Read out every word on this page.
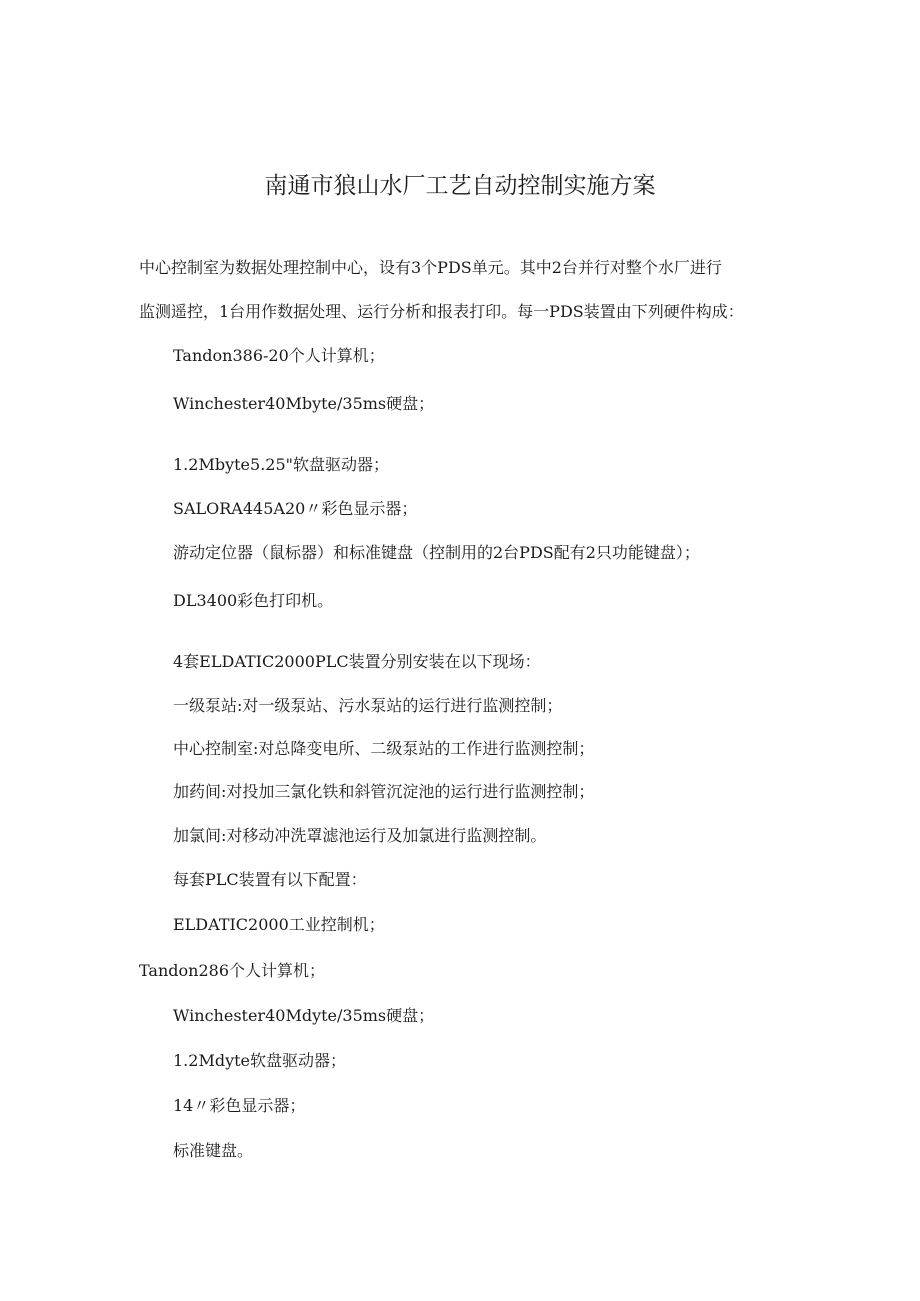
南通市狼山水厂工艺自动控制实施方案
中心控制室为数据处理控制中心，设有3个PDS单元。其中2台并行对整个水厂进行
监测遥控，1台用作数据处理、运行分析和报表打印。每一PDS装置由下列硬件构成：
Tandon386-20个人计算机；
Winchester40Mbyte∕35ms硬盘；
1.2Mbyte5.25"软盘驱动器；
SALORA445A20〃彩色显示器；
游动定位器（鼠标器）和标准键盘（控制用的2台PDS配有2只功能键盘）；
DL3400彩色打印机。
4套ELDATIC2000PLC装置分别安装在以下现场：
一级泵站:对一级泵站、污水泵站的运行进行监测控制；
中心控制室:对总降变电所、二级泵站的工作进行监测控制；
加药间:对投加三氯化铁和斜管沉淀池的运行进行监测控制；
加氯间:对移动冲洗罩滤池运行及加氯进行监测控制。
每套PLC装置有以下配置：
ELDATIC2000工业控制机；
Tandon286个人计算机；
Winchester40Mdyte∕35ms硬盘；
1.2Mdyte软盘驱动器；
14〃彩色显示器；
标准键盘。
